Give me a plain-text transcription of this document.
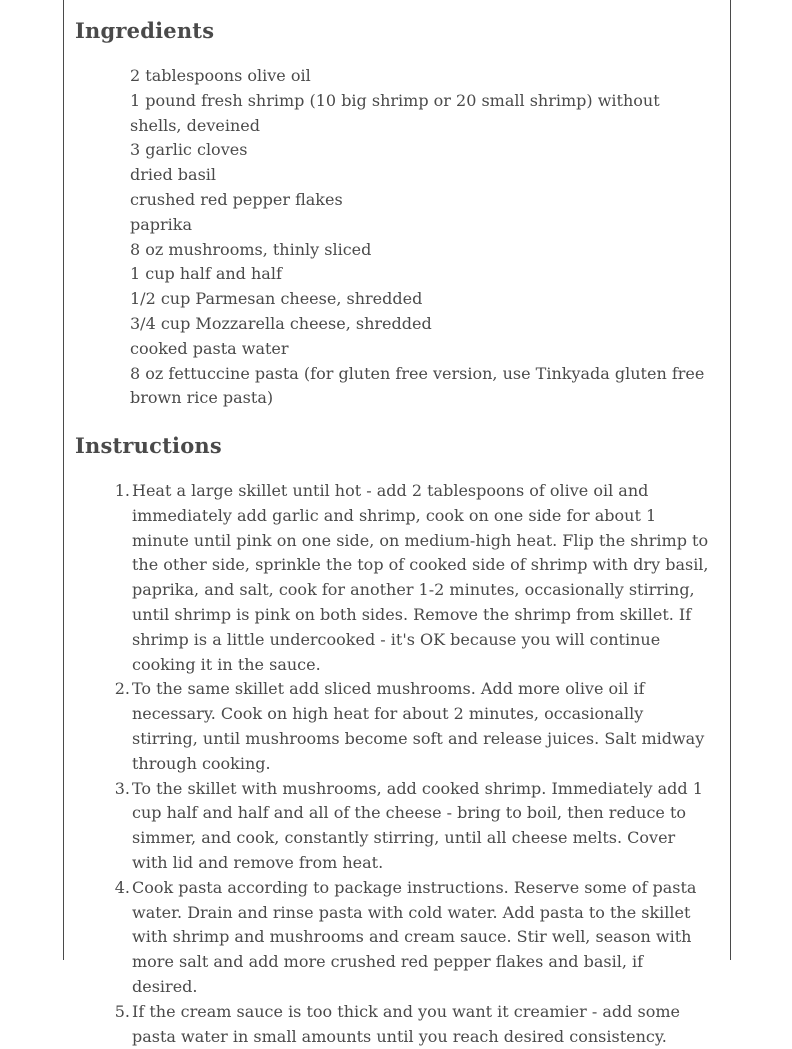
Ingredients
2 tablespoons olive oil
1 pound fresh shrimp (10 big shrimp or 20 small shrimp) without shells, deveined
3 garlic cloves
dried basil
crushed red pepper flakes
paprika
8 oz mushrooms, thinly sliced
1 cup half and half
1/2 cup Parmesan cheese, shredded
3/4 cup Mozzarella cheese, shredded
cooked pasta water
8 oz fettuccine pasta (for gluten free version, use Tinkyada gluten free brown rice pasta)
Instructions
1. Heat a large skillet until hot - add 2 tablespoons of olive oil and immediately add garlic and shrimp, cook on one side for about 1 minute until pink on one side, on medium-high heat. Flip the shrimp to the other side, sprinkle the top of cooked side of shrimp with dry basil, paprika, and salt, cook for another 1-2 minutes, occasionally stirring, until shrimp is pink on both sides. Remove the shrimp from skillet. If shrimp is a little undercooked - it's OK because you will continue cooking it in the sauce.
2. To the same skillet add sliced mushrooms. Add more olive oil if necessary. Cook on high heat for about 2 minutes, occasionally stirring, until mushrooms become soft and release juices. Salt midway through cooking.
3. To the skillet with mushrooms, add cooked shrimp. Immediately add 1 cup half and half and all of the cheese - bring to boil, then reduce to simmer, and cook, constantly stirring, until all cheese melts. Cover with lid and remove from heat.
4. Cook pasta according to package instructions. Reserve some of pasta water. Drain and rinse pasta with cold water. Add pasta to the skillet with shrimp and mushrooms and cream sauce. Stir well, season with more salt and add more crushed red pepper flakes and basil, if desired.
5. If the cream sauce is too thick and you want it creamier - add some pasta water in small amounts until you reach desired consistency.
